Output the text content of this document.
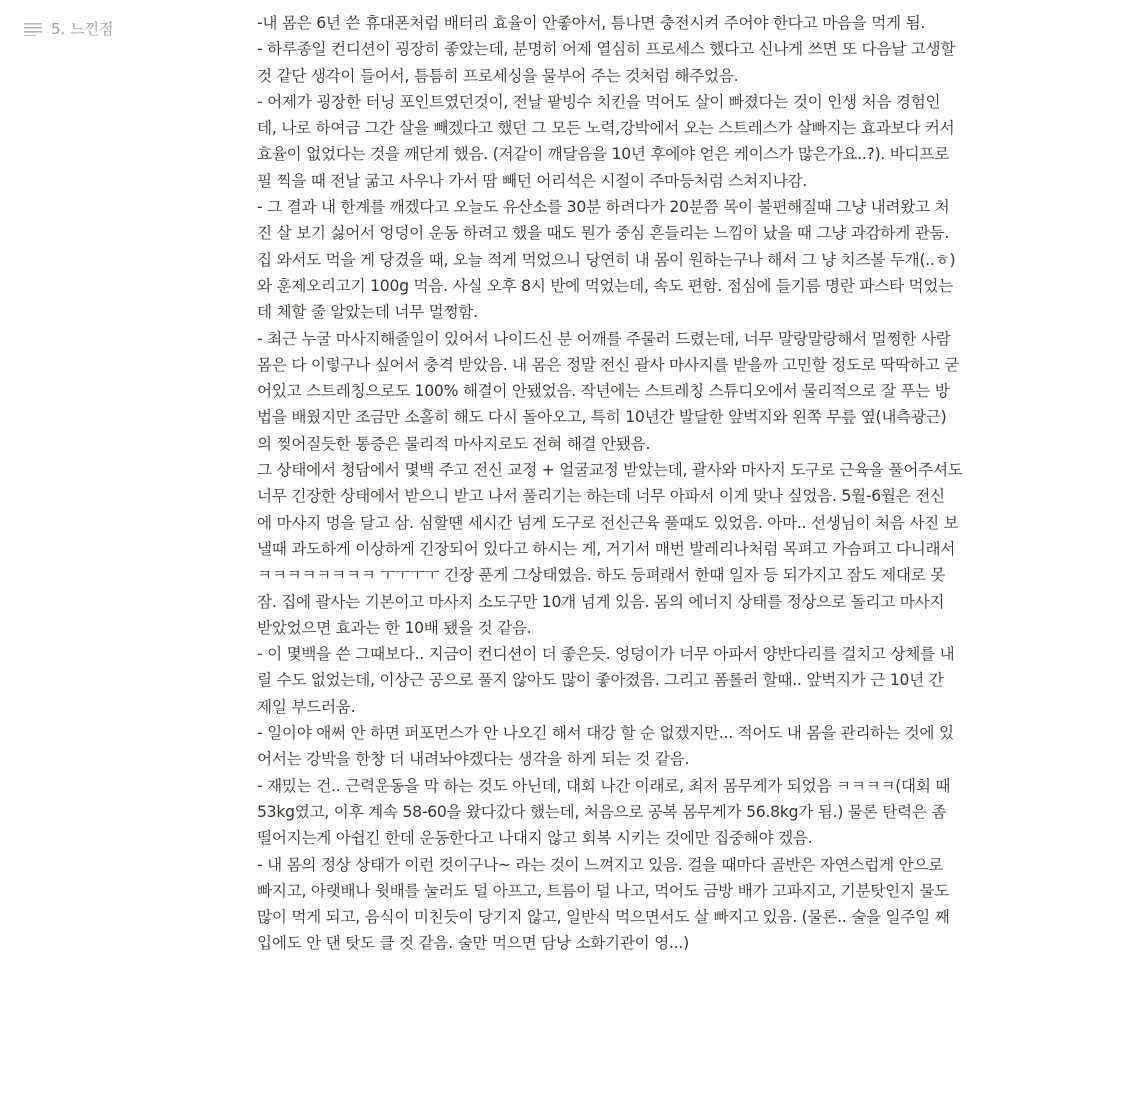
5. 느낀점	-내 몸은 6년 쓴 휴대폰처럼 배터리 효율이 안좋아서, 틈나면 충전시켜 주어야 한다고 마음을 먹게 됨.
- 하루종일 컨디션이 굉장히 좋았는데, 분명히 어제 열심히 프로세스 했다고 신나게 쓰면 또 다음날 고생할
것 같단 생각이 들어서, 틈틈히 프로세싱을 물부어 주는 것처럼 해주었음.
- 어제가 굉장한 터닝 포인트였던것이, 전날 팥빙수 치킨을 먹어도 살이 빠졌다는 것이 인생 처음 경험인
데, 나로 하여금 그간 살을 빼겠다고 했던 그 모든 노력,강박에서 오는 스트레스가 살빠지는 효과보다 커서
효율이 없었다는 것을 깨닫게 했음. (저같이 깨달음을 10년 후에야 얻은 케이스가 많은가요..?). 바디프로
필 찍을 때 전날 굶고 사우나 가서 땀 빼던 어리석은 시절이 주마등처럼 스쳐지나감.
- 그 결과 내 한계를 깨겠다고 오늘도 유산소를 30분 하려다가 20분쯤 목이 불편해질때 그냥 내려왔고 처
진 살 보기 싫어서 엉덩이 운동 하려고 했을 때도 뭔가 중심 흔들리는 느낌이 났을 때 그냥 과감하게 관둠.
집 와서도 먹을 게 당겼을 때, 오늘 적게 먹었으니 당연히 내 몸이 원하는구나 해서 그 냥 치즈볼 두개(..ㅎ)
와 훈제오리고기 100g 먹음. 사실 오후 8시 반에 먹었는데, 속도 편함. 점심에 들기름 명란 파스타 먹었는
데 체할 줄 알았는데 너무 멀쩡함.
- 최근 누굴 마사지해줄일이 있어서 나이드신 분 어깨를 주물러 드렸는데, 너무 말랑말랑해서 멀쩡한 사람
몸은 다 이렇구나 싶어서 충격 받았음. 내 몸은 정말 전신 괄사 마사지를 받을까 고민할 정도로 딱딱하고 굳
어있고 스트레칭으로도 100% 해결이 안됐었음. 작년에는 스트레칭 스튜디오에서 물리적으로 잘 푸는 방
법을 배웠지만 조금만 소홀히 해도 다시 돌아오고, 특히 10년간 발달한 앞벅지와 왼쪽 무릎 옆(내측광근)
의 찢어질듯한 통증은 물리적 마사지로도 전혀 해결 안됐음.
그 상태에서 청담에서 몇백 주고 전신 교정 + 얼굴교정 받았는데, 괄사와 마사지 도구로 근육을 풀어주셔도
너무 긴장한 상태에서 받으니 받고 나서 풀리기는 하는데 너무 아파서 이게 맞나 싶었음. 5월-6월은 전신
에 마사지 멍을 달고 삼. 심할땐 세시간 넘게 도구로 전신근육 풀때도 있었음. 아마.. 선생님이 처음 사진 보
낼때 과도하게 이상하게 긴장되어 있다고 하시는 게, 거기서 매번 발레리나처럼 목펴고 가슴펴고 다니래서
ㅋㅋㅋㅋㅋㅋㅋㅋ ㅜㅜㅜㅜ 긴장 푼게 그상태였음. 하도 등펴래서 한때 일자 등 되가지고 잠도 제대로 못
잠. 집에 괄사는 기본이고 마사지 소도구만 10개 넘게 있음. 몸의 에너지 상태를 정상으로 돌리고 마사지
받았었으면 효과는 한 10배 됐을 것 같음.
- 이 몇백을 쓴 그때보다.. 지금이 컨디션이 더 좋은듯. 엉덩이가 너무 아파서 양반다리를 걸치고 상체를 내
릴 수도 없었는데, 이상근 공으로 풀지 않아도 많이 좋아졌음. 그리고 폼롤러 할때.. 앞벅지가 근 10년 간
제일 부드러움.
- 일이야 애써 안 하면 퍼포먼스가 안 나오긴 해서 대강 할 순 없겠지만... 적어도 내 몸을 관리하는 것에 있
어서는 강박을 한창 더 내려놔야겠다는 생각을 하게 되는 것 같음.
- 재밌는 건.. 근력운동을 막 하는 것도 아닌데, 대회 나간 이래로, 최저 몸무게가 되었음 ㅋㅋㅋㅋ(대회 때
53kg였고, 이후 계속 58-60을 왔다갔다 했는데, 처음으로 공복 몸무게가 56.8kg가 됨.) 물론 탄력은 좀
떨어지는게 아쉽긴 한데 운동한다고 나대지 않고 회복 시키는 것에만 집중해야 겠음.
- 내 몸의 정상 상태가 이런 것이구나~ 라는 것이 느껴지고 있음. 걸을 때마다 골반은 자연스럽게 안으로
빠지고, 아랫배나 윗배를 눌러도 덜 아프고, 트름이 덜 나고, 먹어도 금방 배가 고파지고, 기분탓인지 물도
많이 먹게 되고, 음식이 미친듯이 당기지 않고, 일반식 먹으면서도 살 빠지고 있음. (물론.. 술을 일주일 째
입에도 안 댄 탓도 클 것 같음. 술만 먹으면 담낭 소화기관이 영...)
